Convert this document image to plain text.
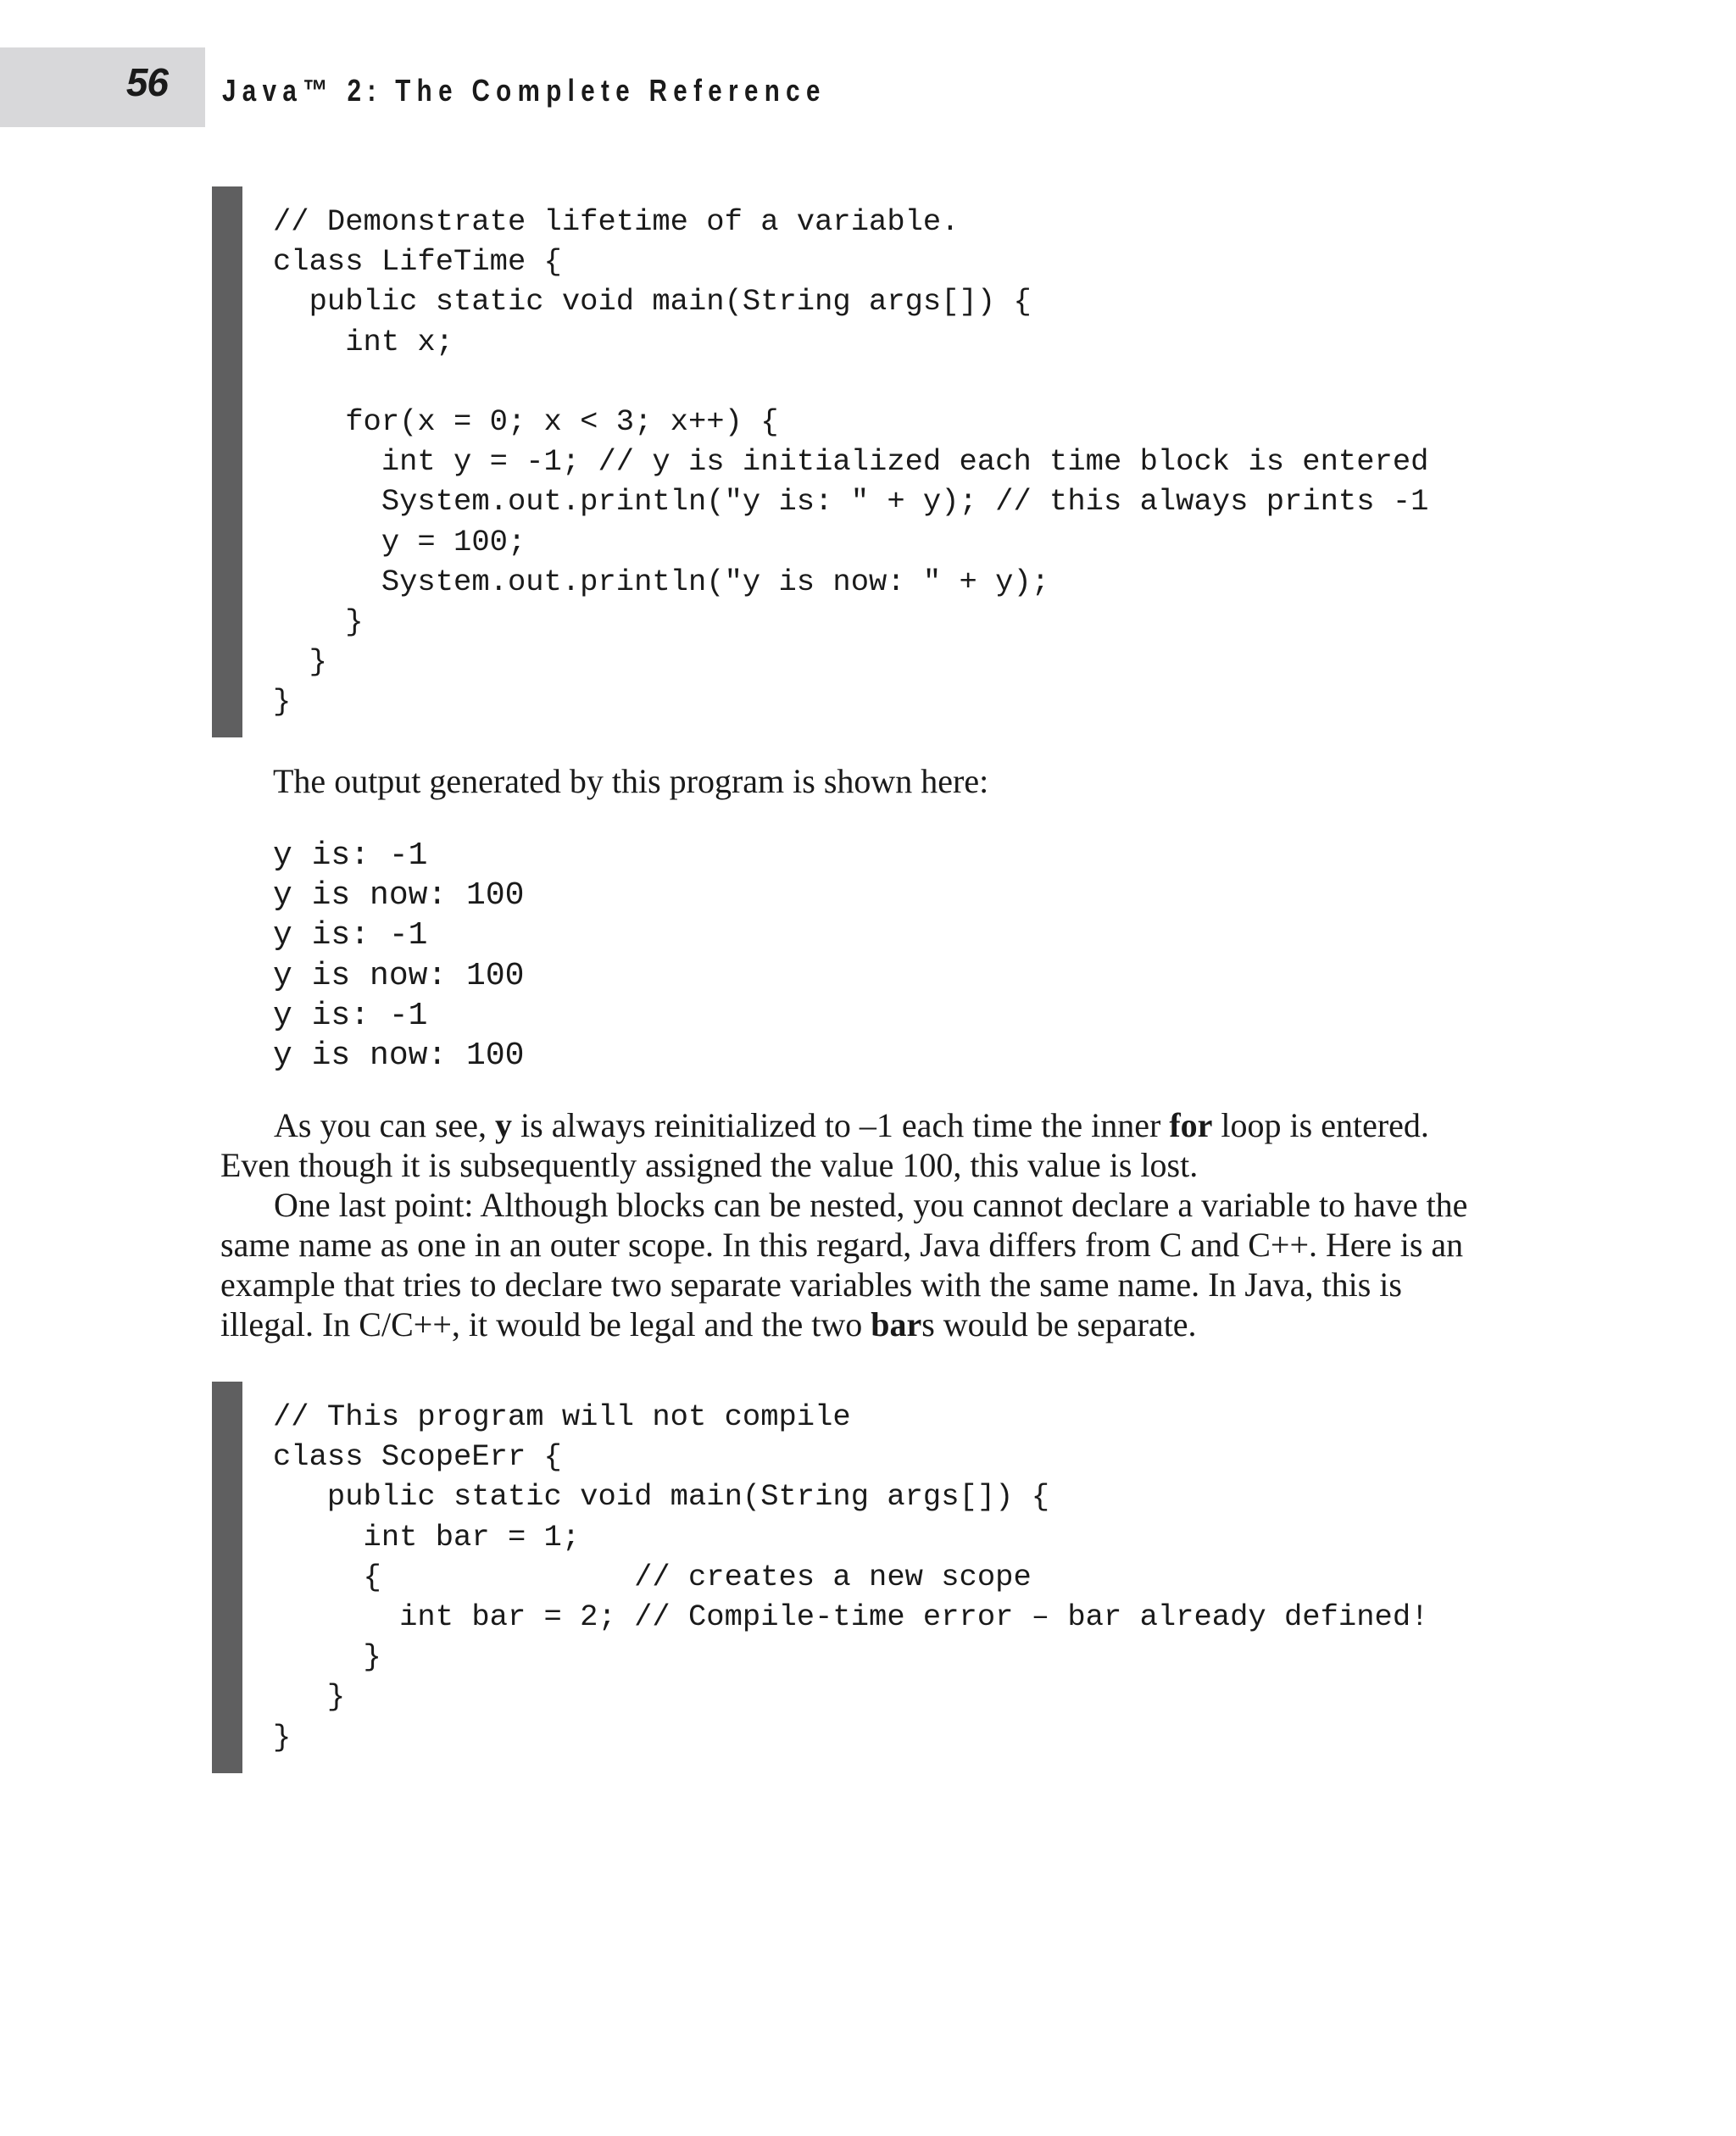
56 Java™ 2: The Complete Reference
// Demonstrate lifetime of a variable.
class LifeTime {
public static void main(String args[]) {
int x;
for(x = 0; x < 3; x++) {
int y = -1; // y is initialized each time block is entered
System.out.println("y is: " + y); // this always prints -1
y = 100;
System.out.println("y is now: " + y);
}
}
}
The output generated by this program is shown here:
y is: -1
y is now: 100
y is: -1
y is now: 100
y is: -1
y is now: 100

As you can see, y is always reinitialized to –1 each time the inner for loop is entered. Even though it is subsequently assigned the value 100, this value is lost.

One last point: Although blocks can be nested, you cannot declare a variable to have the same name as one in an outer scope. In this regard, Java differs from C and C++. Here is an example that tries to declare two separate variables with the same name. In Java, this is illegal. In C/C++, it would be legal and the two bars would be separate.

// This program will not compile
class ScopeErr {
public static void main(String args[]) {
int bar = 1;
{              // creates a new scope
int bar = 2; // Compile-time error – bar already defined!
}
}
}
